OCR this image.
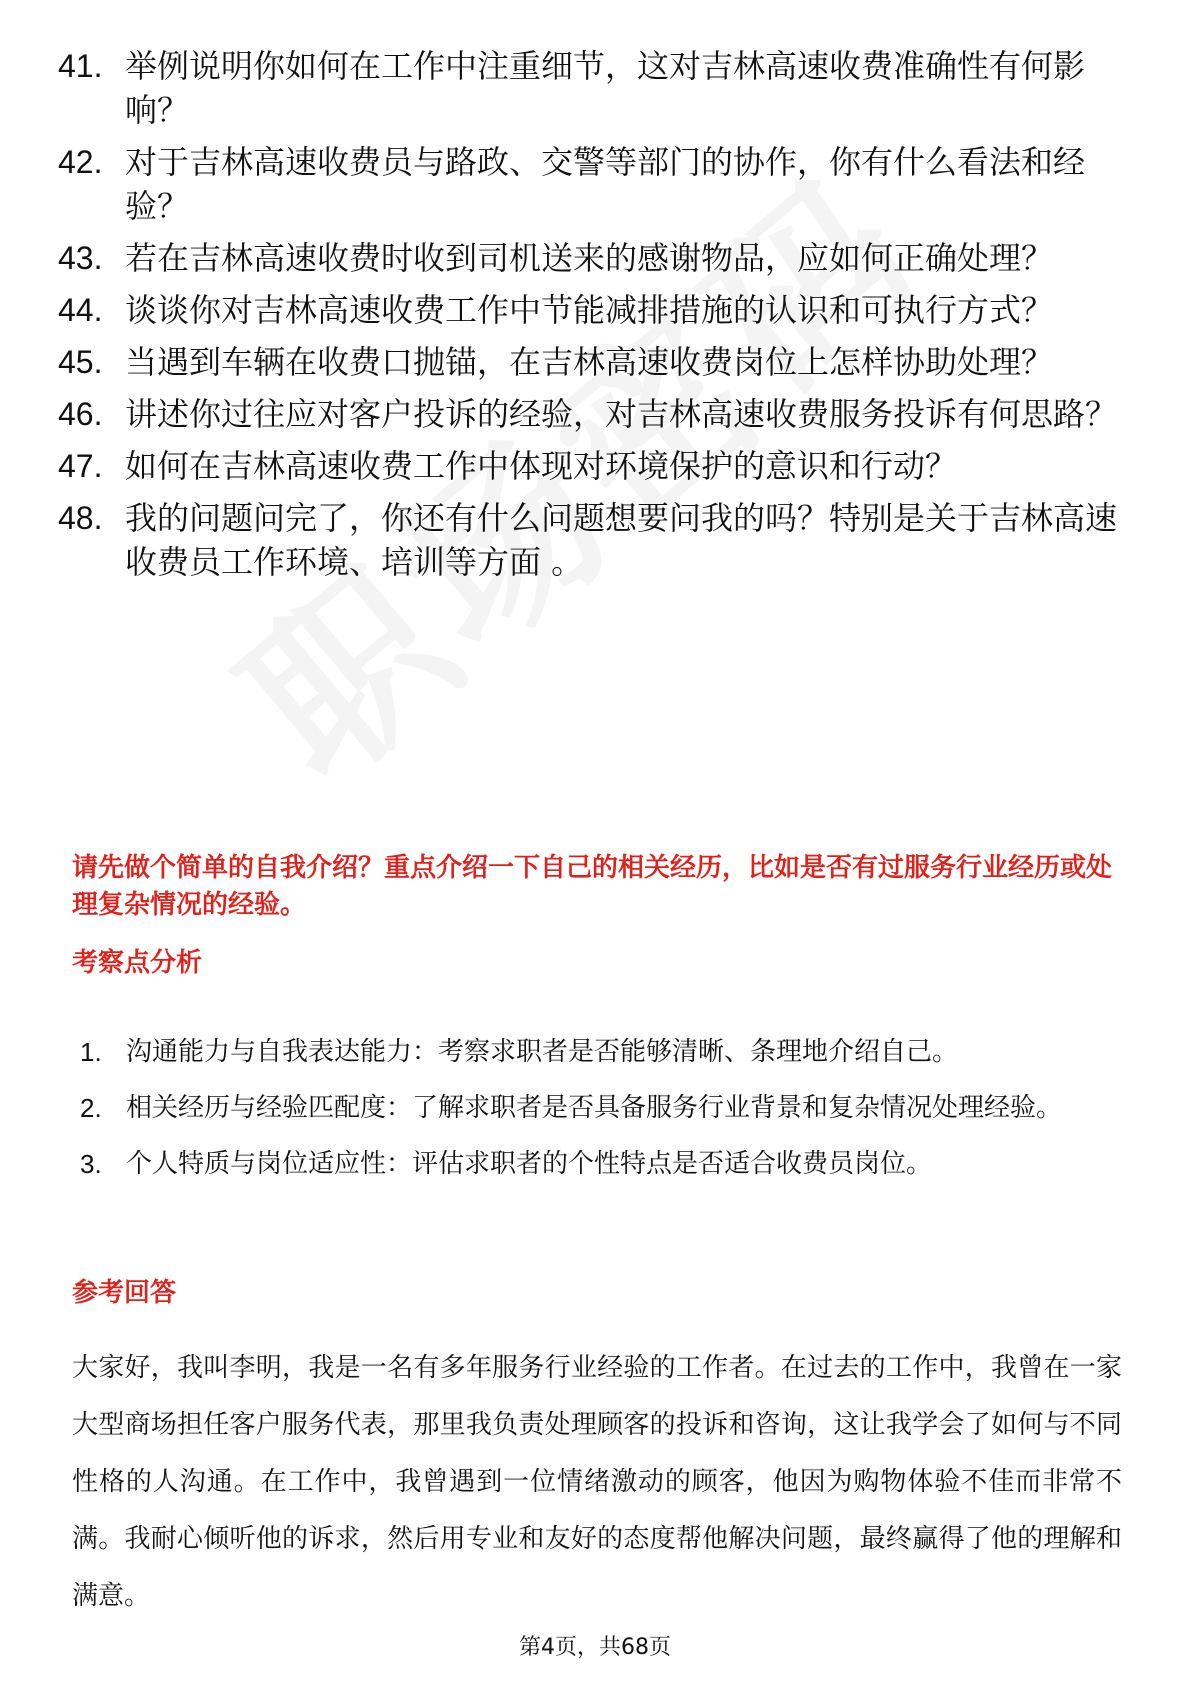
41. 举例说明你如何在工作中注重细节，这对吉林高速收费准确性有何影响？
42. 对于吉林高速收费员与路政、交警等部门的协作，你有什么看法和经验？
43. 若在吉林高速收费时收到司机送来的感谢物品，应如何正确处理？
44. 谈谈你对吉林高速收费工作中节能减排措施的认识和可执行方式？
45. 当遇到车辆在收费口抛锚，在吉林高速收费岗位上怎样协助处理？
46. 讲述你过往应对客户投诉的经验，对吉林高速收费服务投诉有何思路？
47. 如何在吉林高速收费工作中体现对环境保护的意识和行动？
48. 我的问题问完了，你还有什么问题想要问我的吗？特别是关于吉林高速收费员工作环境、培训等方面 。

请先做个简单的自我介绍？重点介绍一下自己的相关经历，比如是否有过服务行业经历或处理复杂情况的经验。

考察点分析
1. 沟通能力与自我表达能力：考察求职者是否能够清晰、条理地介绍自己。
2. 相关经历与经验匹配度：了解求职者是否具备服务行业背景和复杂情况处理经验。
3. 个人特质与岗位适应性：评估求职者的个性特点是否适合收费员岗位。
参考回答

大家好，我叫李明，我是一名有多年服务行业经验的工作者。在过去的工作中，我曾在一家大型商场担任客户服务代表，那里我负责处理顾客的投诉和咨询，这让我学会了如何与不同性格的人沟通。在工作中，我曾遇到一位情绪激动的顾客，他因为购物体验不佳而非常不满。我耐心倾听他的诉求，然后用专业和友好的态度帮他解决问题，最终赢得了他的理解和满意。

第4页，共68页
